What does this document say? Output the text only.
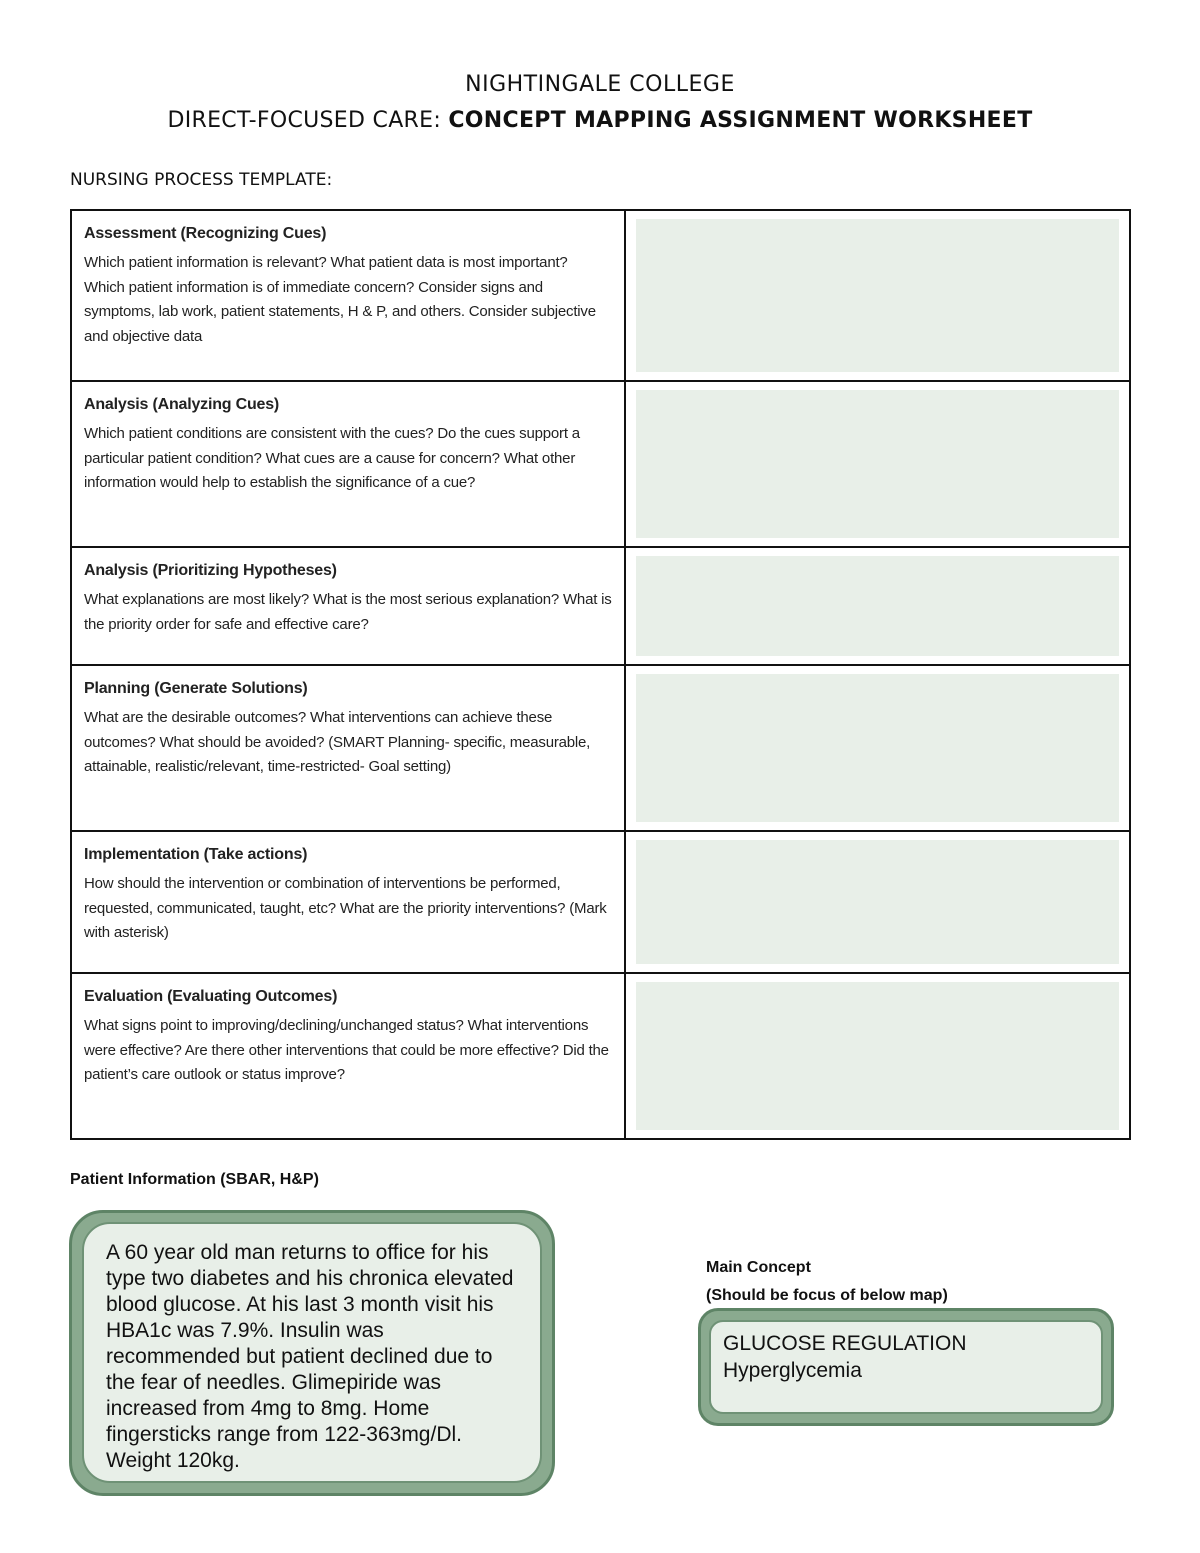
NIGHTINGALE COLLEGE
DIRECT-FOCUSED CARE: CONCEPT MAPPING ASSIGNMENT WORKSHEET
NURSING PROCESS TEMPLATE:
Assessment (Recognizing Cues)
Which patient information is relevant? What patient data is most important? Which patient information is of immediate concern? Consider signs and symptoms, lab work, patient statements, H & P, and others. Consider subjective and objective data	

Analysis (Analyzing Cues)
Which patient conditions are consistent with the cues? Do the cues support a particular patient condition? What cues are a cause for concern? What other information would help to establish the significance of a cue?	

Analysis (Prioritizing Hypotheses)
What explanations are most likely? What is the most serious explanation? What is the priority order for safe and effective care?	

Planning (Generate Solutions)
What are the desirable outcomes? What interventions can achieve these outcomes? What should be avoided? (SMART Planning- specific, measurable, attainable, realistic/relevant, time-restricted- Goal setting)	

Implementation (Take actions)
How should the intervention or combination of interventions be performed, requested, communicated, taught, etc? What are the priority interventions? (Mark with asterisk)	

Evaluation (Evaluating Outcomes)
What signs point to improving/declining/unchanged status? What interventions were effective? Are there other interventions that could be more effective? Did the patient’s care outlook or status improve?	

Patient Information (SBAR, H&P)
A 60 year old man returns to office for his type two diabetes and his chronica elevated blood glucose. At his last 3 month visit his HBA1c was 7.9%. Insulin was recommended but patient declined due to the fear of needles. Glimepiride was increased from 4mg to 8mg. Home fingersticks range from 122-363mg/Dl. Weight 120kg.
Main Concept
(Should be focus of below map)
GLUCOSE REGULATION
Hyperglycemia
